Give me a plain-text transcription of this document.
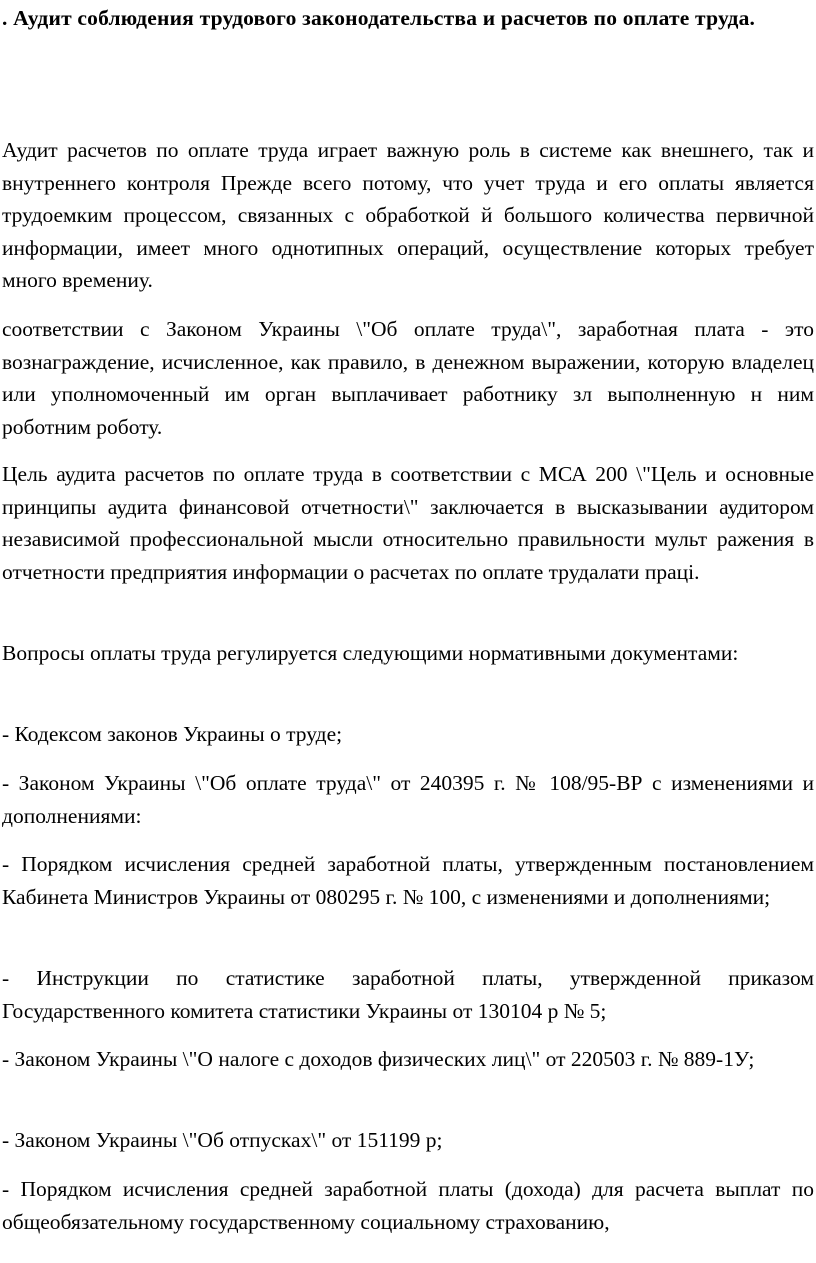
. Аудит соблюдения трудового законодательства и расчетов по оплате труда.

Аудит расчетов по оплате труда играет важную роль в системе как внешнего, так и внутреннего контроля Прежде всего потому, что учет труда и его оплаты является трудоемким процессом, связанных с обработкой й большого количества первичной информации, имеет много однотипных операций, осуществление которых требует много времениу.

соответствии с Законом Украины \"Об оплате труда\", заработная плата - это вознаграждение, исчисленное, как правило, в денежном выражении, которую владелец или уполномоченный им орган выплачивает работнику зл выполненную н ним роботним роботу.

Цель аудита расчетов по оплате труда в соответствии с МСА 200 \"Цель и основные принципы аудита финансовой отчетности\" заключается в высказывании аудитором независимой профессиональной мысли относительно правильности мульт ражения в отчетности предприятия информации о расчетах по оплате трудалати праці.

Вопросы оплаты труда регулируется следующими нормативными документами:

- Кодексом законов Украины о труде;

- Законом Украины \"Об оплате труда\" от 240395 г. № 108/95-ВР с изменениями и дополнениями:

- Порядком исчисления средней заработной платы, утвержденным постановлением Кабинета Министров Украины от 080295 г. № 100, с изменениями и дополнениями;

- Инструкции по статистике заработной платы, утвержденной приказом Государственного комитета статистики Украины от 130104 р № 5;

- Законом Украины \"О налоге с доходов физических лиц\" от 220503 г. № 889-1У;

- Законом Украины \"Об отпусках\" от 151199 р;

- Порядком исчисления средней заработной платы (дохода) для расчета выплат по общеобязательному государственному социальному страхованию,
